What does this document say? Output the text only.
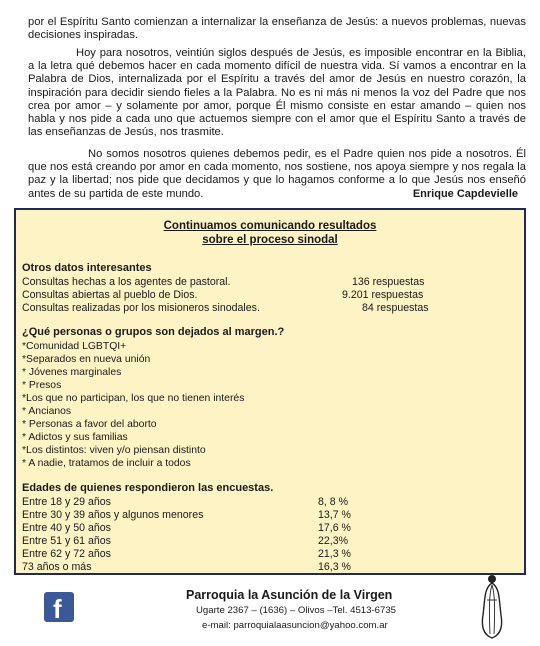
por el Espíritu Santo comienzan a internalizar la enseñanza de Jesús: a nuevos problemas, nuevas decisiones inspiradas.
Hoy para nosotros, veintiún siglos después de Jesús, es imposible encontrar en la Biblia, a la letra qué debemos hacer en cada momento difícil de nuestra vida. Sí vamos a encontrar en la Palabra de Dios, internalizada por el Espíritu a través del amor de Jesús en nuestro corazón, la inspiración para decidir siendo fieles a la Palabra. No es ni más ni menos la voz del Padre que nos crea por amor – y solamente por amor, porque Él mismo consiste en estar amando – quien nos habla y nos pide a cada uno que actuemos siempre con el amor que el Espíritu Santo a través de las enseñanzas de Jesús, nos trasmite.
No somos nosotros quienes debemos pedir, es el Padre quien nos pide a nosotros. Él que nos está creando por amor en cada momento, nos sostiene, nos apoya siempre y nos regala la paz y la libertad; nos pide que decidamos y que lo hagamos conforme a lo que Jesús nos enseñó antes de su partida de este mundo.	Enrique Capdevielle
Continuamos comunicando resultados
sobre el proceso sinodal
Otros datos interesantes
Consultas hechas a los agentes de pastoral.	136 respuestas
Consultas abiertas al pueblo de Dios.	9.201 respuestas
Consultas realizadas por los misioneros sinodales.	84 respuestas
¿Qué personas o grupos son dejados al margen.?
*Comunidad LGBTQI+
*Separados en nueva unión
* Jóvenes marginales
* Presos
*Los que no participan, los que no tienen interés
* Ancianos
* Personas a favor del aborto
* Adictos y sus familias
*Los distintos: viven y/o piensan distinto
* A nadie, tratamos de incluir a todos
Edades de quienes respondieron las encuestas.
Entre 18 y 29 años	8, 8 %
Entre 30 y 39 años y algunos menores	13,7 %
Entre 40 y 50 años	17,6 %
Entre 51 y 61 años	22,3%
Entre 62 y 72 años	21,3 %
73 años o más	16,3 %
f	Parroquia la Asunción de la Virgen
Ugarte 2367 – (1636) – Olivos –Tel. 4513-6735
e-mail: parroquialaasuncion@yahoo.com.ar
